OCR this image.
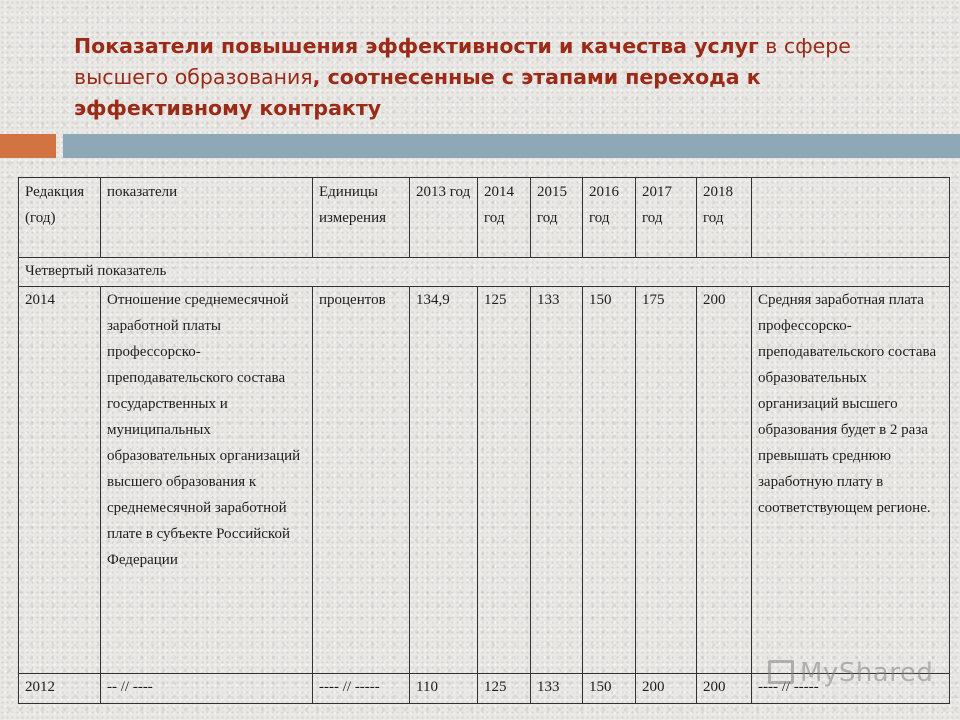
Показатели повышения эффективности и качества услуг в сфере высшего образования, соотнесенные с этапами перехода к эффективному контракту
Редакция (год)	показатели	Единицы измерения	2013 год	2014 год	2015 год	2016 год	2017 год	2018 год	
Четвертый показатель									
2014	Отношение среднемесячной заработной платы профессорско-преподавательского состава государственных и муниципальных образовательных организаций высшего образования к среднемесячной заработной плате в субъекте Российской Федерации	процентов	134,9	125	133	150	175	200	Средняя заработная плата профессорско-преподавательского состава образовательных организаций высшего образования будет в 2 раза превышать среднюю заработную плату в соответствующем регионе.
2012	-- // ----	---- // -----	110	125	133	150	200	200	---- // -----
MyShared
